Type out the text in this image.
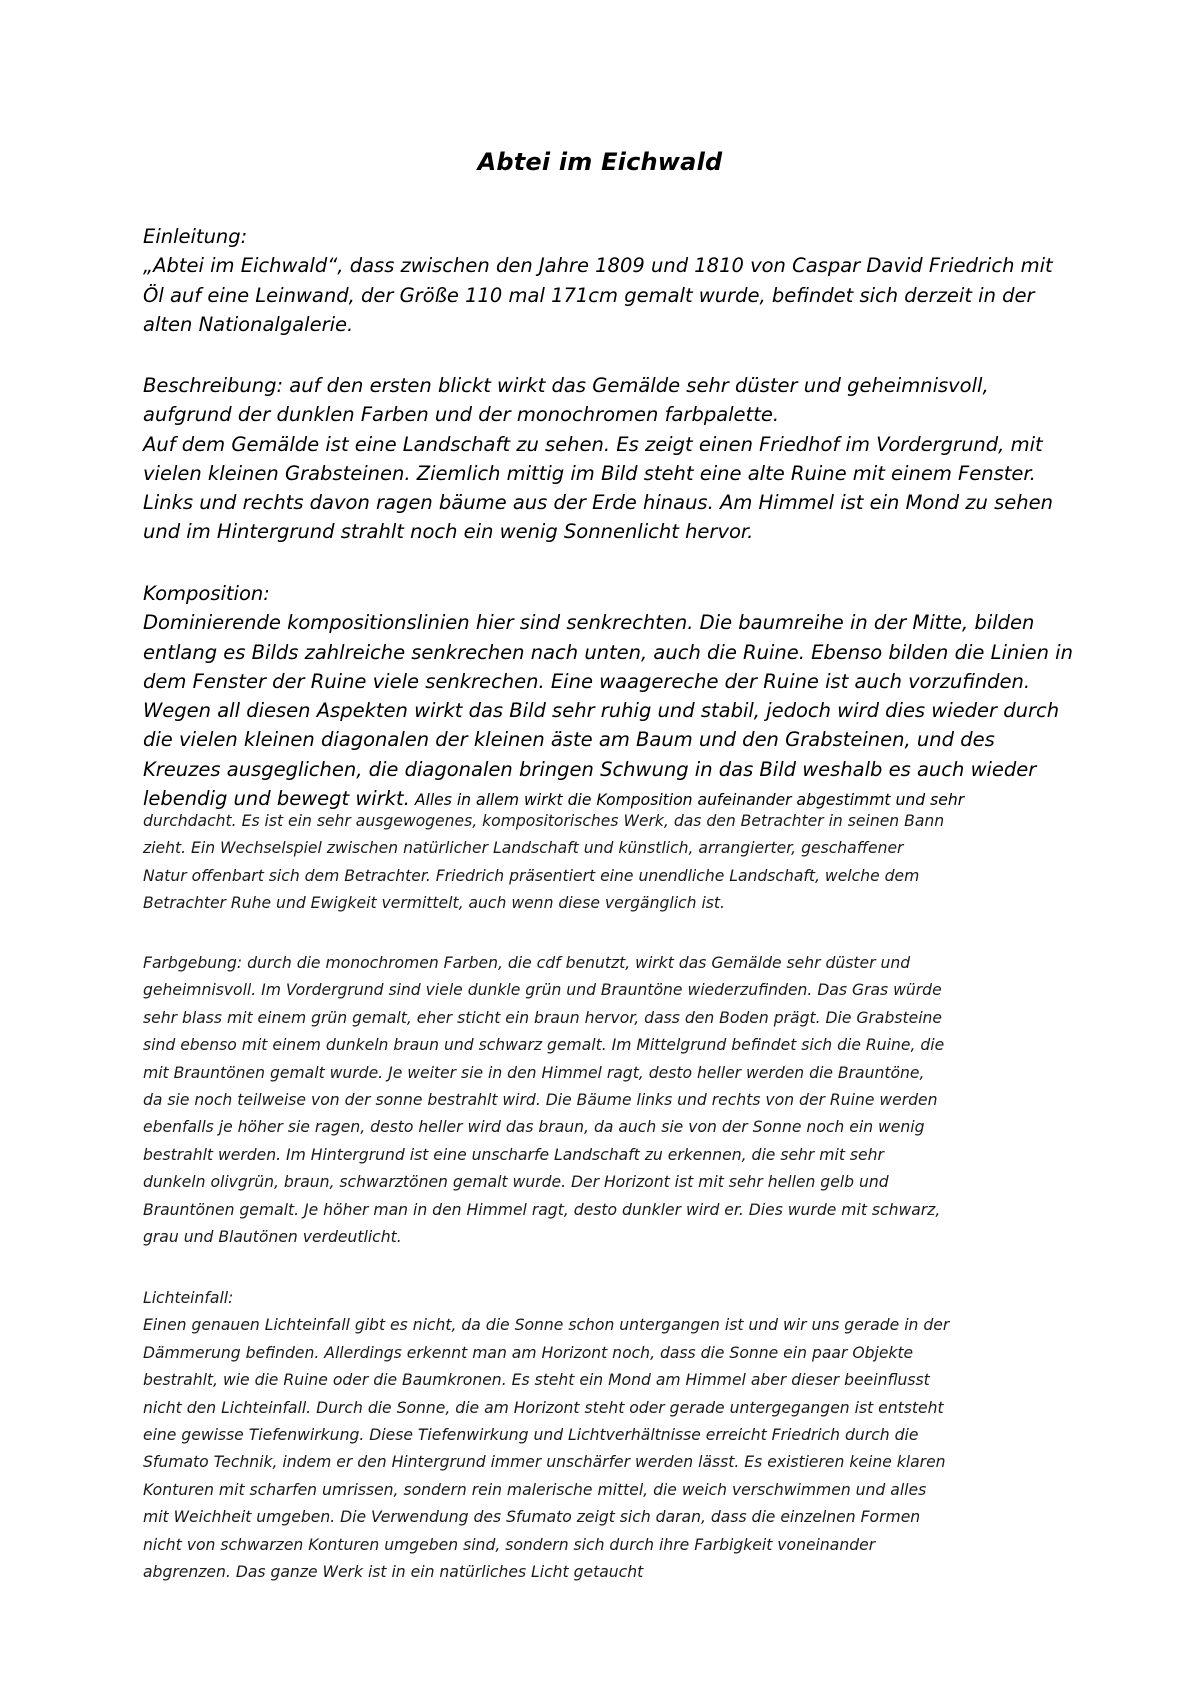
Abtei im Eichwald

Einleitung:

„Abtei im Eichwald“, dass zwischen den Jahre 1809 und 1810 von Caspar David Friedrich mit

Öl auf eine Leinwand, der Größe 110 mal 171cm gemalt wurde, befindet sich derzeit in der

alten Nationalgalerie.

Beschreibung: auf den ersten blickt wirkt das Gemälde sehr düster und geheimnisvoll,

aufgrund der dunklen Farben und der monochromen farbpalette.

Auf dem Gemälde ist eine Landschaft zu sehen. Es zeigt einen Friedhof im Vordergrund, mit

vielen kleinen Grabsteinen. Ziemlich mittig im Bild steht eine alte Ruine mit einem Fenster.

Links und rechts davon ragen bäume aus der Erde hinaus. Am Himmel ist ein Mond zu sehen

und im Hintergrund strahlt noch ein wenig Sonnenlicht hervor.

Komposition:

Dominierende kompositionslinien hier sind senkrechten. Die baumreihe in der Mitte, bilden

entlang es Bilds zahlreiche senkrechen nach unten, auch die Ruine. Ebenso bilden die Linien in

dem Fenster der Ruine viele senkrechen. Eine waagereche der Ruine ist auch vorzufinden.

Wegen all diesen Aspekten wirkt das Bild sehr ruhig und stabil, jedoch wird dies wieder durch

die vielen kleinen diagonalen der kleinen äste am Baum und den Grabsteinen, und des

Kreuzes ausgeglichen, die diagonalen bringen Schwung in das Bild weshalb es auch wieder

lebendig und bewegt wirkt. Alles in allem wirkt die Komposition aufeinander abgestimmt und sehr

durchdacht. Es ist ein sehr ausgewogenes, kompositorisches Werk, das den Betrachter in seinen Bann

zieht. Ein Wechselspiel zwischen natürlicher Landschaft und künstlich, arrangierter, geschaffener

Natur offenbart sich dem Betrachter. Friedrich präsentiert eine unendliche Landschaft, welche dem

Betrachter Ruhe und Ewigkeit vermittelt, auch wenn diese vergänglich ist.

Farbgebung: durch die monochromen Farben, die cdf benutzt, wirkt das Gemälde sehr düster und

geheimnisvoll. Im Vordergrund sind viele dunkle grün und Brauntöne wiederzufinden. Das Gras würde

sehr blass mit einem grün gemalt, eher sticht ein braun hervor, dass den Boden prägt. Die Grabsteine

sind ebenso mit einem dunkeln braun und schwarz gemalt. Im Mittelgrund befindet sich die Ruine, die

mit Brauntönen gemalt wurde. Je weiter sie in den Himmel ragt, desto heller werden die Brauntöne,

da sie noch teilweise von der sonne bestrahlt wird. Die Bäume links und rechts von der Ruine werden

ebenfalls je höher sie ragen, desto heller wird das braun, da auch sie von der Sonne noch ein wenig

bestrahlt werden. Im Hintergrund ist eine unscharfe Landschaft zu erkennen, die sehr mit sehr

dunkeln olivgrün, braun, schwarztönen gemalt wurde. Der Horizont ist mit sehr hellen gelb und

Brauntönen gemalt. Je höher man in den Himmel ragt, desto dunkler wird er. Dies wurde mit schwarz,

grau und Blautönen verdeutlicht.

Lichteinfall:

Einen genauen Lichteinfall gibt es nicht, da die Sonne schon untergangen ist und wir uns gerade in der

Dämmerung befinden. Allerdings erkennt man am Horizont noch, dass die Sonne ein paar Objekte

bestrahlt, wie die Ruine oder die Baumkronen. Es steht ein Mond am Himmel aber dieser beeinflusst

nicht den Lichteinfall. Durch die Sonne, die am Horizont steht oder gerade untergegangen ist entsteht

eine gewisse Tiefenwirkung. Diese Tiefenwirkung und Lichtverhältnisse erreicht Friedrich durch die

Sfumato Technik, indem er den Hintergrund immer unschärfer werden lässt. Es existieren keine klaren

Konturen mit scharfen umrissen, sondern rein malerische mittel, die weich verschwimmen und alles

mit Weichheit umgeben. Die Verwendung des Sfumato zeigt sich daran, dass die einzelnen Formen

nicht von schwarzen Konturen umgeben sind, sondern sich durch ihre Farbigkeit voneinander

abgrenzen. Das ganze Werk ist in ein natürliches Licht getaucht
